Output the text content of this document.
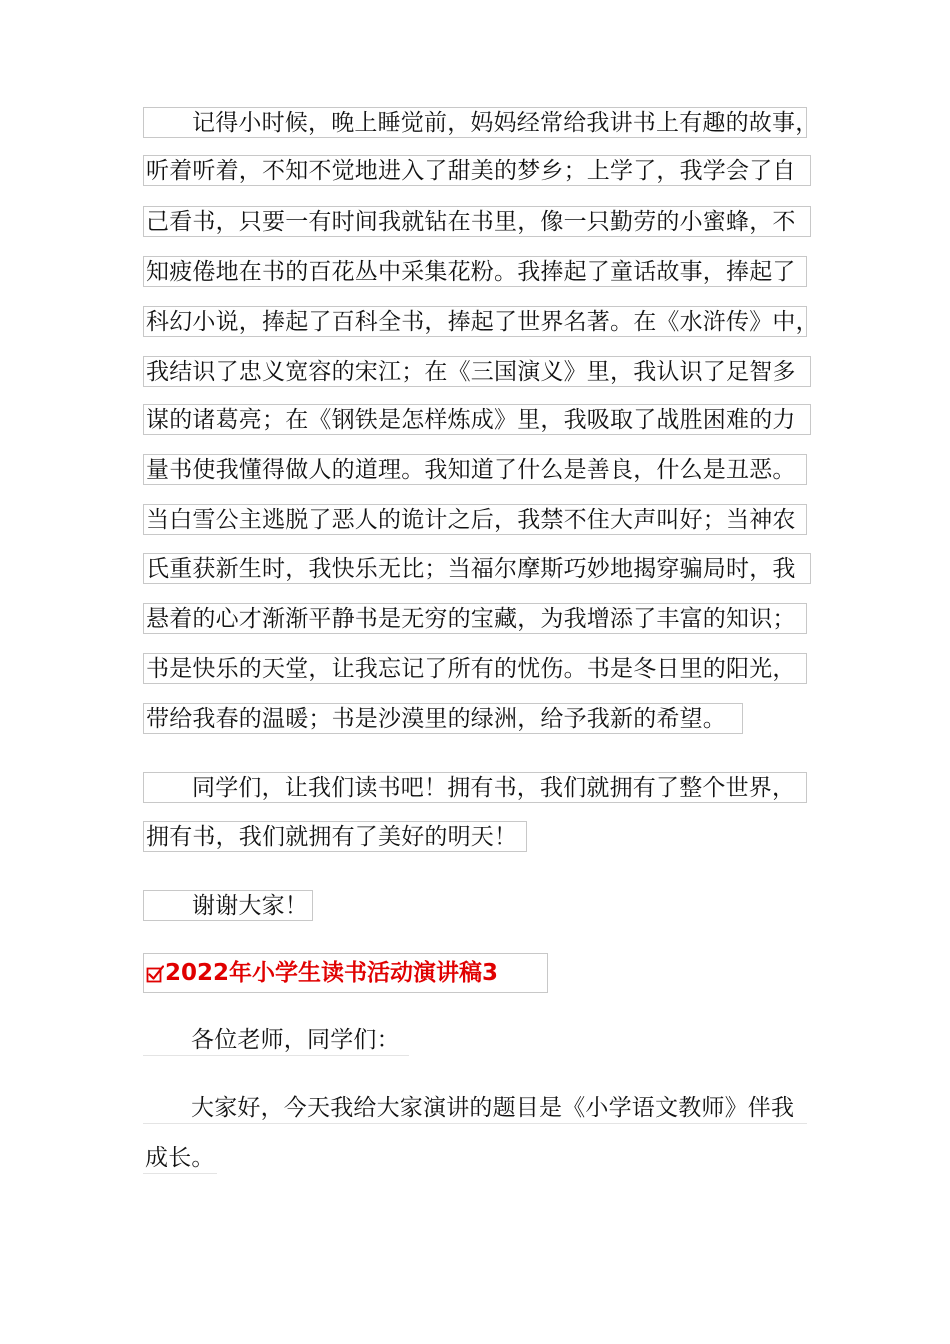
记得小时候，晚上睡觉前，妈妈经常给我讲书上有趣的故事，
听着听着，不知不觉地进入了甜美的梦乡；上学了，我学会了自
己看书，只要一有时间我就钻在书里，像一只勤劳的小蜜蜂，不
知疲倦地在书的百花丛中采集花粉。我捧起了童话故事，捧起了
科幻小说，捧起了百科全书，捧起了世界名著。在《水浒传》中，
我结识了忠义宽容的宋江；在《三国演义》里，我认识了足智多
谋的诸葛亮；在《钢铁是怎样炼成》里，我吸取了战胜困难的力
量书使我懂得做人的道理。我知道了什么是善良，什么是丑恶。
当白雪公主逃脱了恶人的诡计之后，我禁不住大声叫好；当神农
氏重获新生时，我快乐无比；当福尔摩斯巧妙地揭穿骗局时，我
悬着的心才渐渐平静书是无穷的宝藏，为我增添了丰富的知识；
书是快乐的天堂，让我忘记了所有的忧伤。书是冬日里的阳光，
带给我春的温暖；书是沙漠里的绿洲，给予我新的希望。
同学们，让我们读书吧！拥有书，我们就拥有了整个世界，
拥有书，我们就拥有了美好的明天！
谢谢大家！
2022年小学生读书活动演讲稿3
各位老师，同学们：
大家好，今天我给大家演讲的题目是《小学语文教师》伴我
成长。
